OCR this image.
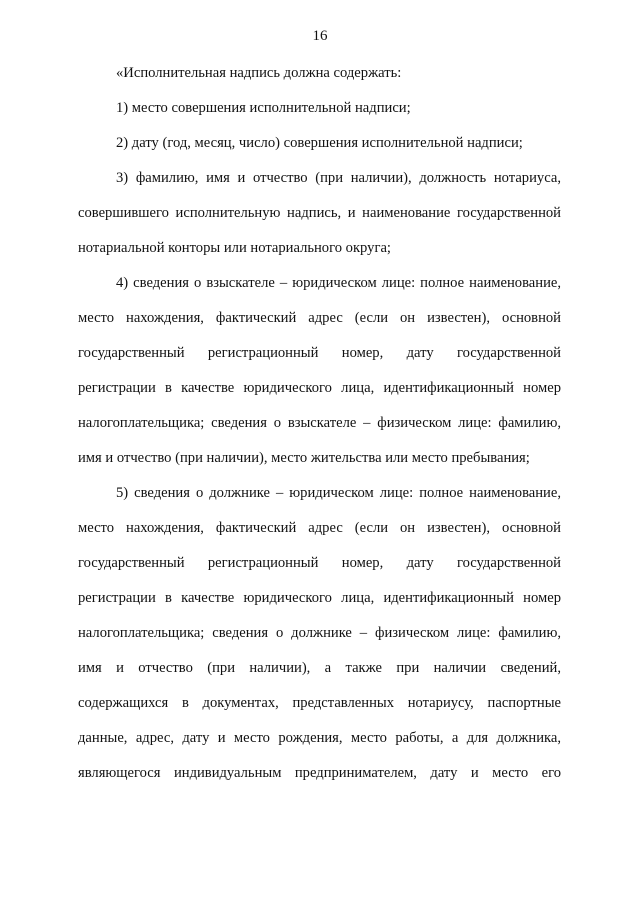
16
«Исполнительная надпись должна содержать:
1) место совершения исполнительной надписи;
2) дату (год, месяц, число) совершения исполнительной надписи;
3) фамилию, имя и отчество (при наличии), должность нотариуса,
совершившего исполнительную надпись, и наименование государственной
нотариальной конторы или нотариального округа;
4) сведения о взыскателе – юридическом лице: полное наименование,
место нахождения, фактический адрес (если он известен), основной
государственный регистрационный номер, дату государственной
регистрации в качестве юридического лица, идентификационный номер
налогоплательщика; сведения о взыскателе – физическом лице: фамилию,
имя и отчество (при наличии), место жительства или место пребывания;
5) сведения о должнике – юридическом лице: полное наименование,
место нахождения, фактический адрес (если он известен), основной
государственный регистрационный номер, дату государственной
регистрации в качестве юридического лица, идентификационный номер
налогоплательщика; сведения о должнике – физическом лице: фамилию,
имя и отчество (при наличии), а также при наличии сведений,
содержащихся в документах, представленных нотариусу, паспортные
данные, адрес, дату и место рождения, место работы, а для должника,
являющегося индивидуальным предпринимателем, дату и место его
